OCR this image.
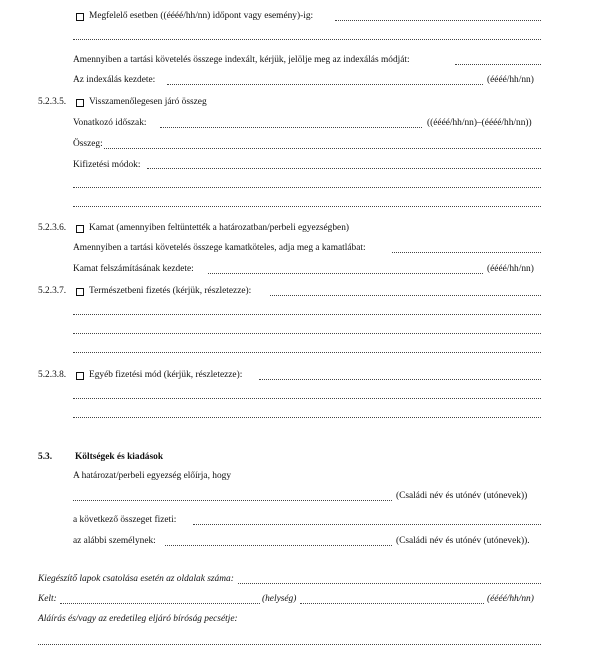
Megfelelő esetben ((éééé/hh/nn) időpont vagy esemény)-ig:
Amennyiben a tartási követelés összege indexált, kérjük, jelölje meg az indexálás módját:
Az indexálás kezdete:	(éééé/hh/nn)
5.2.3.5. Visszamenőlegesen járó összeg
Vonatkozó időszak:	((éééé/hh/nn)–(éééé/hh/nn))
Összeg:
Kifizetési módok:
5.2.3.6. Kamat (amennyiben feltüntették a határozatban/perbeli egyezségben)
Amennyiben a tartási követelés összege kamatköteles, adja meg a kamatlábat:
Kamat felszámításának kezdete:	(éééé/hh/nn)
5.2.3.7. Természetbeni fizetés (kérjük, részletezze):
5.2.3.8. Egyéb fizetési mód (kérjük, részletezze):
5.3. Költségek és kiadások
A határozat/perbeli egyezség előírja, hogy
(Családi név és utónév (utónevek))
a következő összeget fizeti:
az alábbi személynek:	(Családi név és utónév (utónevek)).
Kiegészítő lapok csatolása esetén az oldalak száma:
Kelt:	(helység)	(éééé/hh/nn)
Aláírás és/vagy az eredetileg eljáró bíróság pecsétje:
